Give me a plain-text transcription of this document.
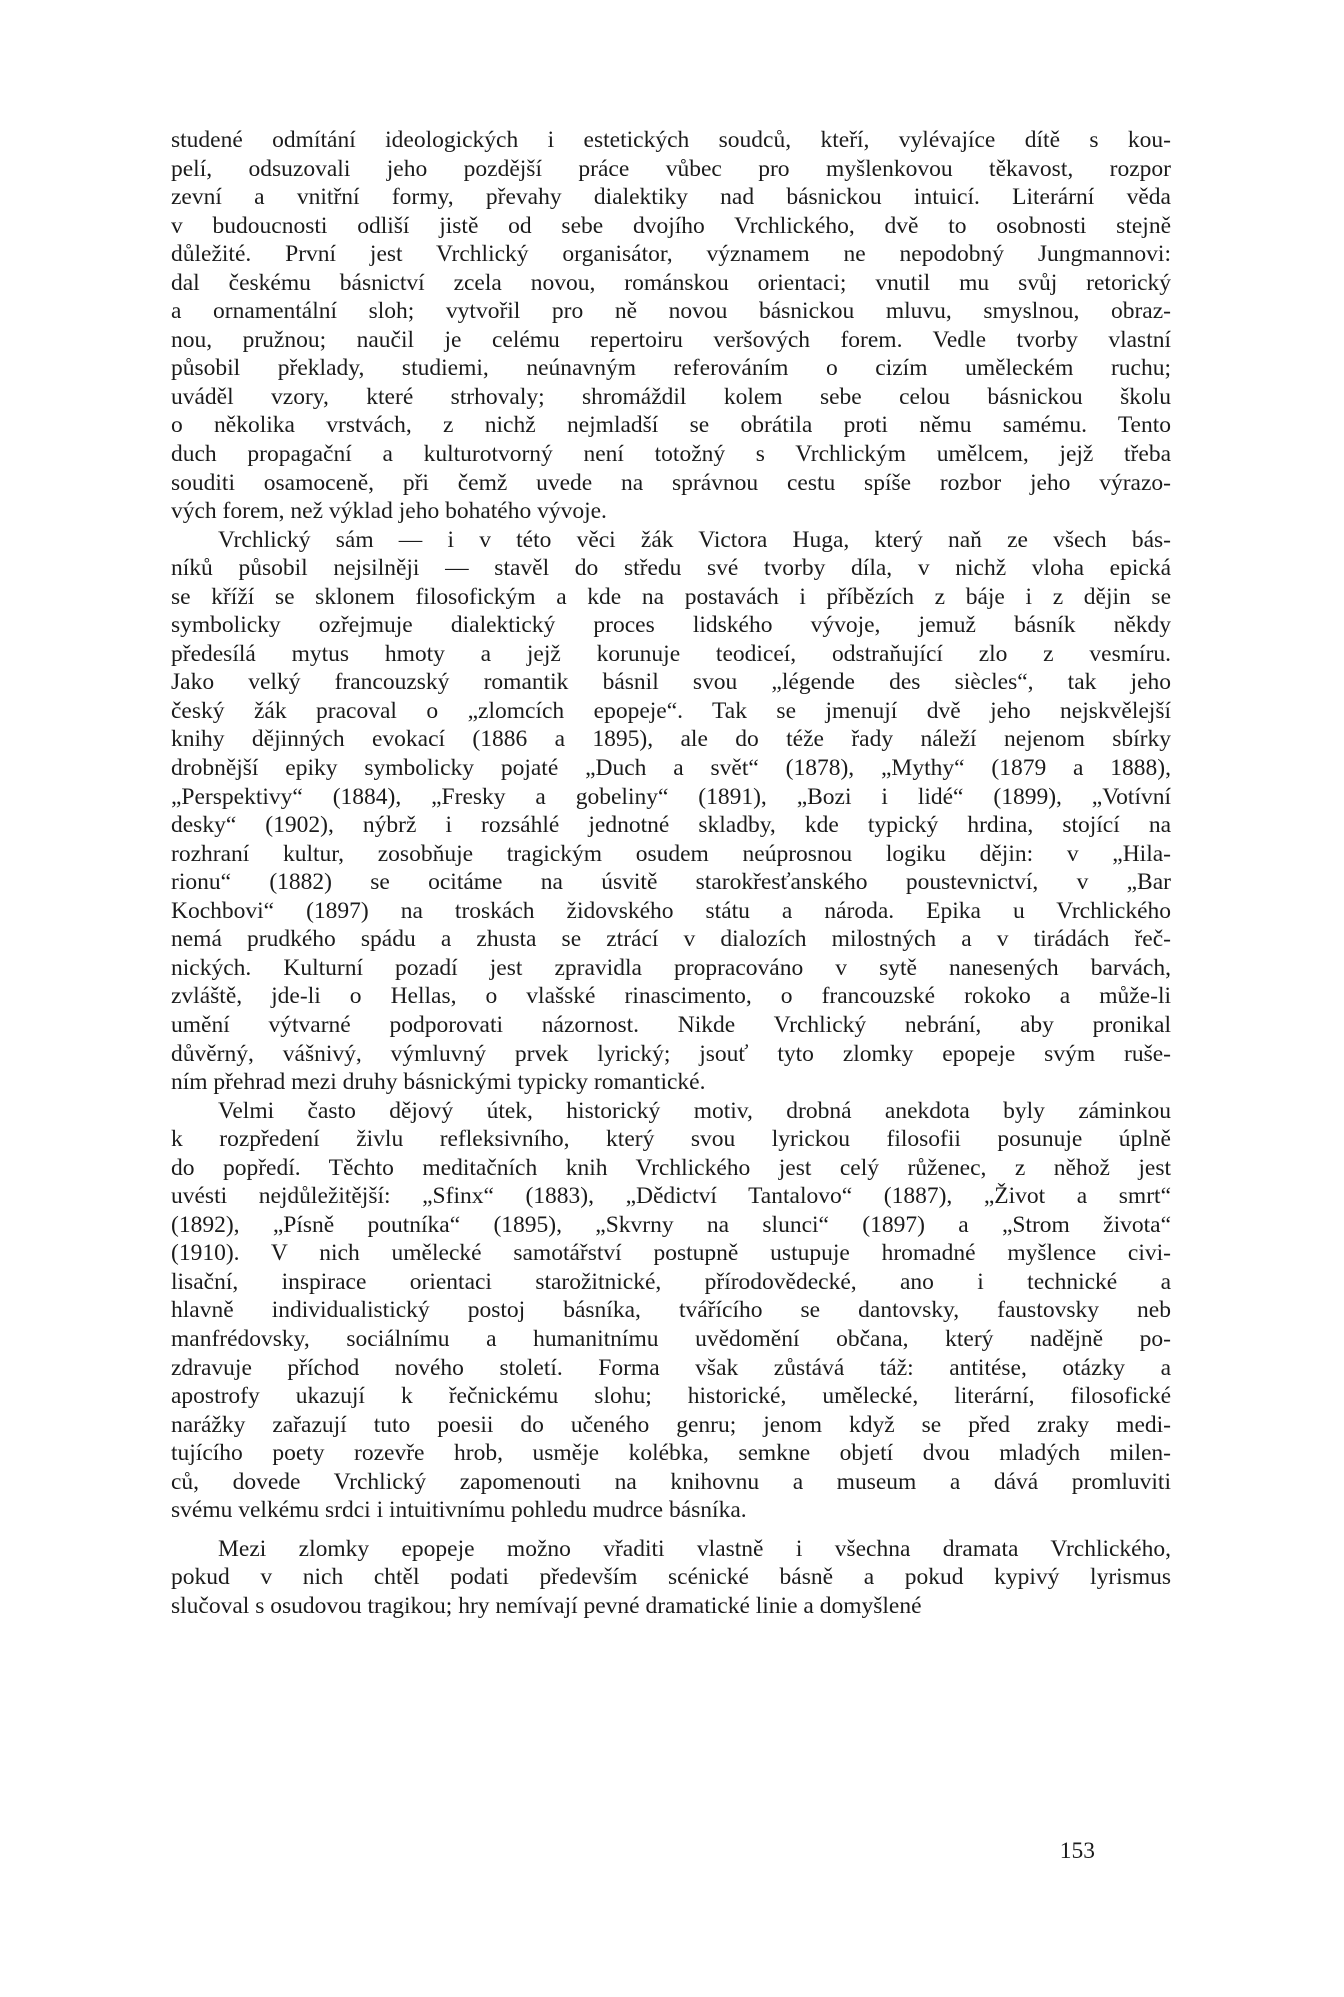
studené odmítání ideologických i estetických soudců, kteří, vylévajíce dítě s kou-
pelí, odsuzovali jeho pozdější práce vůbec pro myšlenkovou těkavost, rozpor
zevní a vnitřní formy, převahy dialektiky nad básnickou intuicí. Literární věda
v budoucnosti odliší jistě od sebe dvojího Vrchlického, dvě to osobnosti stejně
důležité. První jest Vrchlický organisátor, významem ne nepodobný Jungmannovi:
dal českému básnictví zcela novou, románskou orientaci; vnutil mu svůj retorický
a ornamentální sloh; vytvořil pro ně novou básnickou mluvu, smyslnou, obraz-
nou, pružnou; naučil je celému repertoiru veršových forem. Vedle tvorby vlastní
působil překlady, studiemi, neúnavným referováním o cizím uměleckém ruchu;
uváděl vzory, které strhovaly; shromáždil kolem sebe celou básnickou školu
o několika vrstvách, z nichž nejmladší se obrátila proti němu samému. Tento
duch propagační a kulturotvorný není totožný s Vrchlickým umělcem, jejž třeba
souditi osamoceně, při čemž uvede na správnou cestu spíše rozbor jeho výrazo-
vých forem, než výklad jeho bohatého vývoje.
Vrchlický sám — i v této věci žák Victora Huga, který naň ze všech bás-
níků působil nejsilněji — stavěl do středu své tvorby díla, v nichž vloha epická
se kříží se sklonem filosofickým a kde na postavách i příbězích z báje i z dějin se
symbolicky ozřejmuje dialektický proces lidského vývoje, jemuž básník někdy
předesílá mytus hmoty a jejž korunuje teodiceí, odstraňující zlo z vesmíru.
Jako velký francouzský romantik básnil svou „légende des siècles“, tak jeho
český žák pracoval o „zlomcích epopeje“. Tak se jmenují dvě jeho nejskvělejší
knihy dějinných evokací (1886 a 1895), ale do téže řady náleží nejenom sbírky
drobnější epiky symbolicky pojaté „Duch a svět“ (1878), „Mythy“ (1879 a 1888),
„Perspektivy“ (1884), „Fresky a gobeliny“ (1891), „Bozi i lidé“ (1899), „Votívní
desky“ (1902), nýbrž i rozsáhlé jednotné skladby, kde typický hrdina, stojící na
rozhraní kultur, zosobňuje tragickým osudem neúprosnou logiku dějin: v „Hila-
rionu“ (1882) se ocitáme na úsvitě starokřesťanského poustevnictví, v „Bar
Kochbovi“ (1897) na troskách židovského státu a národa. Epika u Vrchlického
nemá prudkého spádu a zhusta se ztrácí v dialozích milostných a v tirádách řeč-
nických. Kulturní pozadí jest zpravidla propracováno v sytě nanesených barvách,
zvláště, jde-li o Hellas, o vlašské rinascimento, o francouzské rokoko a může-li
umění výtvarné podporovati názornost. Nikde Vrchlický nebrání, aby pronikal
důvěrný, vášnivý, výmluvný prvek lyrický; jsouť tyto zlomky epopeje svým ruše-
ním přehrad mezi druhy básnickými typicky romantické.
Velmi často dějový útek, historický motiv, drobná anekdota byly záminkou
k rozpředení živlu refleksivního, který svou lyrickou filosofii posunuje úplně
do popředí. Těchto meditačních knih Vrchlického jest celý růženec, z něhož jest
uvésti nejdůležitější: „Sfinx“ (1883), „Dědictví Tantalovo“ (1887), „Život a smrt“
(1892), „Písně poutníka“ (1895), „Skvrny na slunci“ (1897) a „Strom života“
(1910). V nich umělecké samotářství postupně ustupuje hromadné myšlence civi-
lisační, inspirace orientaci starožitnické, přírodovědecké, ano i technické a
hlavně individualistický postoj básníka, tvářícího se dantovsky, faustovsky neb
manfrédovsky, sociálnímu a humanitnímu uvědomění občana, který nadějně po-
zdravuje příchod nového století. Forma však zůstává táž: antitése, otázky a
apostrofy ukazují k řečnickému slohu; historické, umělecké, literární, filosofické
narážky zařazují tuto poesii do učeného genru; jenom když se před zraky medi-
tujícího poety rozevře hrob, usměje kolébka, semkne objetí dvou mladých milen-
ců, dovede Vrchlický zapomenouti na knihovnu a museum a dává promluviti
svému velkému srdci i intuitivnímu pohledu mudrce básníka.
Mezi zlomky epopeje možno vřaditi vlastně i všechna dramata Vrchlického,
pokud v nich chtěl podati především scénické básně a pokud kypivý lyrismus
slučoval s osudovou tragikou; hry nemívají pevné dramatické linie a domyšlené
153
